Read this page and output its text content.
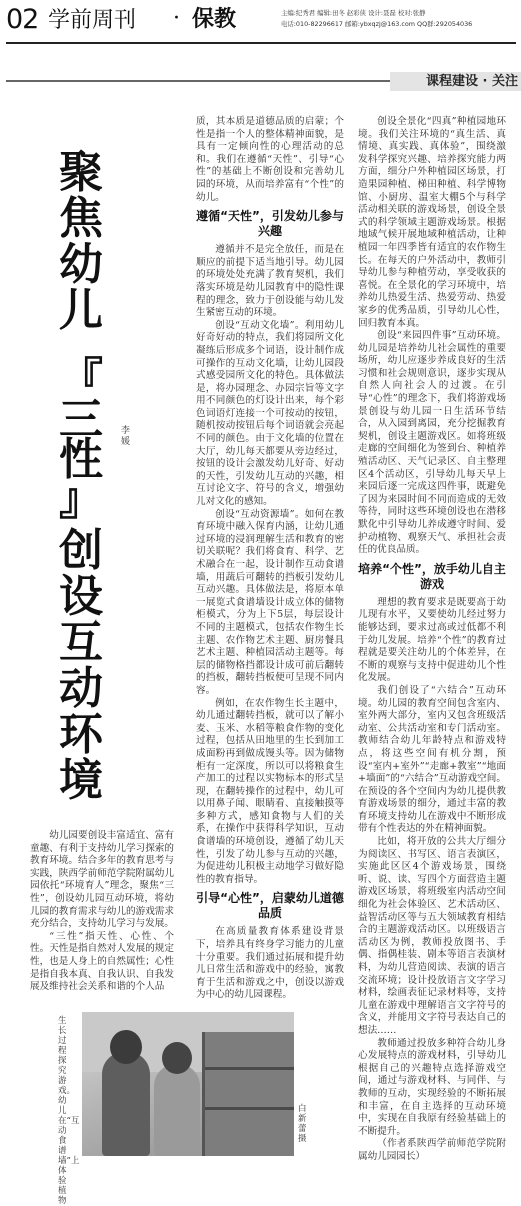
02 学前周刊 · 保教	主编:纪秀君 编辑:田冬 赵彩侠 设计:聂磊 校对:张静
电话:010-82296617 邮箱:ybxqzj@163.com QQ群:292054036
课程建设 · 关注
聚焦幼儿
『
三性
』
创设互动环境
李媛

幼儿园要创设丰富适宜、富有童趣、有利于支持幼儿学习探索的教育环境。结合多年的教育思考与实践，陕西学前师范学院附属幼儿园依托“环境育人”理念，聚焦“三性”，创设幼儿园互动环境，将幼儿园的教育需求与幼儿的游戏需求充分结合，支持幼儿学习与发展。

“三性”指天性、心性、个性。天性是指自然对人发展的规定性，也是人身上的自然属性；心性是指自我本真、自我认识、自我发展及维持社会关系和谐的个人品

质，其本质是道德品质的启蒙；个性是指一个人的整体精神面貌，是具有一定倾向性的心理活动的总和。我们在遵循“天性”、引导“心性”的基础上不断创设和完善幼儿园的环境，从而培养富有“个性”的幼儿。

遵循“天性”，引发幼儿参与兴趣

遵循并不是完全放任，而是在顺应的前提下适当地引导。幼儿园的环境处处充满了教育契机，我们落实环境是幼儿园教育中的隐性课程的理念，致力于创设能与幼儿发生紧密互动的环境。

创设“互动文化墙”。利用幼儿好奇好动的特点，我们将园所文化凝练后形成多个词语，设计制作成可操作的互动文化墙，让幼儿园段式感受园所文化的特色。具体做法是，将办园理念、办园宗旨等文字用不同颜色的灯设计出来，每个彩色词语灯连接一个可按动的按钮，随机按动按钮后每个词语就会亮起不同的颜色。由于文化墙的位置在大厅，幼儿每天都要从旁边经过，按钮的设计会激发幼儿好奇、好动的天性，引发幼儿互动的兴趣，相互讨论文字、符号的含义，增强幼儿对文化的感知。

创设“互动资源墙”。如何在教育环境中融入保育内涵，让幼儿通过环境的浸润理解生活和教育的密切关联呢？我们将食育、科学、艺术融合在一起，设计制作互动食谱墙，用蔬后可翻转的挡板引发幼儿互动兴趣。具体做法是，将原本单一展览式食谱墙设计成立体的储物柜模式，分为上下5层，每层设计不同的主题模式，包括农作物生长主题、农作物艺术主题、厨房餐具艺术主题、种植园活动主题等。每层的储物格挡都设计成可前后翻转的挡板，翻转挡板便可呈现不同内容。

例如，在农作物生长主题中，幼儿通过翻转挡板，就可以了解小麦、玉米、水稻等粮食作物的变化过程，包括从田地里的生长到加工成面粉再到做成馒头等。因为储物柜有一定深度，所以可以将粮食生产加工的过程以实物标本的形式呈现，在翻转操作的过程中，幼儿可以用鼻子闻、眼睛看、直接触摸等多种方式，感知食物与人们的关系，在操作中获得科学知识，互动食谱墙的环境创设，遵循了幼儿天性，引发了幼儿参与互动的兴趣，为促进幼儿积极主动地学习做好隐性的教育指导。

引导“心性”，启蒙幼儿道德品质

在高质量教育体系建设背景下，培养具有终身学习能力的儿童十分重要。我们通过拓展和提升幼儿日常生活和游戏中的经验，寓教育于生活和游戏之中，创设以游戏为中心的幼儿园课程。

创设全景化“四真”种植园地环境。我们关注环境的“真生活、真情境、真实践、真体验”，围绕激发科学探究兴趣、培养探究能力两方面，细分户外种植园区场景，打造果园种植、梯田种植、科学博物馆、小厨房、温室大棚5个与科学活动相关联的游戏场景，创设全景式的科学领域主题游戏场景。根据地域气候开展地域种植活动，让种植园一年四季皆有适宜的农作物生长。在每天的户外活动中，教师引导幼儿参与种植劳动，享受收获的喜悦。在全景化的学习环境中，培养幼儿热爱生活、热爱劳动、热爱家乡的优秀品质，引导幼儿心性，回归教育本真。

创设“来园四件事”互动环境。幼儿园是培养幼儿社会属性的重要场所，幼儿应逐步养成良好的生活习惯和社会规则意识，逐步实现从自然人向社会人的过渡。在引导“心性”的理念下，我们将游戏场景创设与幼儿园一日生活环节结合，从入园到离园，充分挖掘教育契机，创设主题游戏区。如将班级走廊的空间细化为签到台、种植养殖活动区、天气记录区、自主整理区4个活动区，引导幼儿每天早上来园后逐一完成这四件事，既避免了因为来园时间不同而造成的无效等待，同时这些环境创设也在潜移默化中引导幼儿养成遵守时间、爱护动植物、观察天气、承担社会责任的优良品质。

培养“个性”，放手幼儿自主游戏

理想的教育要求是既要高于幼儿现有水平，又要使幼儿经过努力能够达到，要求过高或过低都不利于幼儿发展。培养“个性”的教育过程就是要关注幼儿的个体差异，在不断的观察与支持中促进幼儿个性化发展。

我们创设了“六结合”互动环境。幼儿园的教育空间包含室内、室外两大部分，室内又包含班级活动室、公共活动室和专门活动室。教师结合幼儿年龄特点和游戏特点，将这些空间有机分割，预设“室内+室外”“走廊+教室”“地面+墙面”的“六结合”互动游戏空间。在预设的各个空间内为幼儿提供教育游戏场景的细分，通过丰富的教育环境支持幼儿在游戏中不断形成带有个性表达的外在精神面貌。

比如，将开放的公共大厅细分为阅读区、书写区、语言表演区，实施此区区4个游戏场景，围绕听、说、读、写四个方面营造主题游戏区场景，将班级室内活动空间细化为社会体验区、艺术活动区、益智活动区等与五大领域教育相结合的主题游戏活动区。以班级语言活动区为例，教师投放图书、手偶、指偶桂装、剧本等语言表演材料，为幼儿营造阅读、表演的语言交流环境；设计投放语言文字学习材料，绘画表征记录材料等，支持儿童在游戏中理解语言文字符号的含义，并能用文字符号表达自己的想法……

教师通过投放多种符合幼儿身心发展特点的游戏材料，引导幼儿根据自己的兴趣特点选择游戏空间，通过与游戏材料、与同伴、与教师的互动，实现经验的不断拓展和丰富，在自主选择的互动环境中，实现在自我原有经验基础上的不断提升。

（作者系陕西学前师范学院附属幼儿园园长）

生长过程探究游戏。幼儿在“互动食谱墙”上体验植物
白新蕾 摄
